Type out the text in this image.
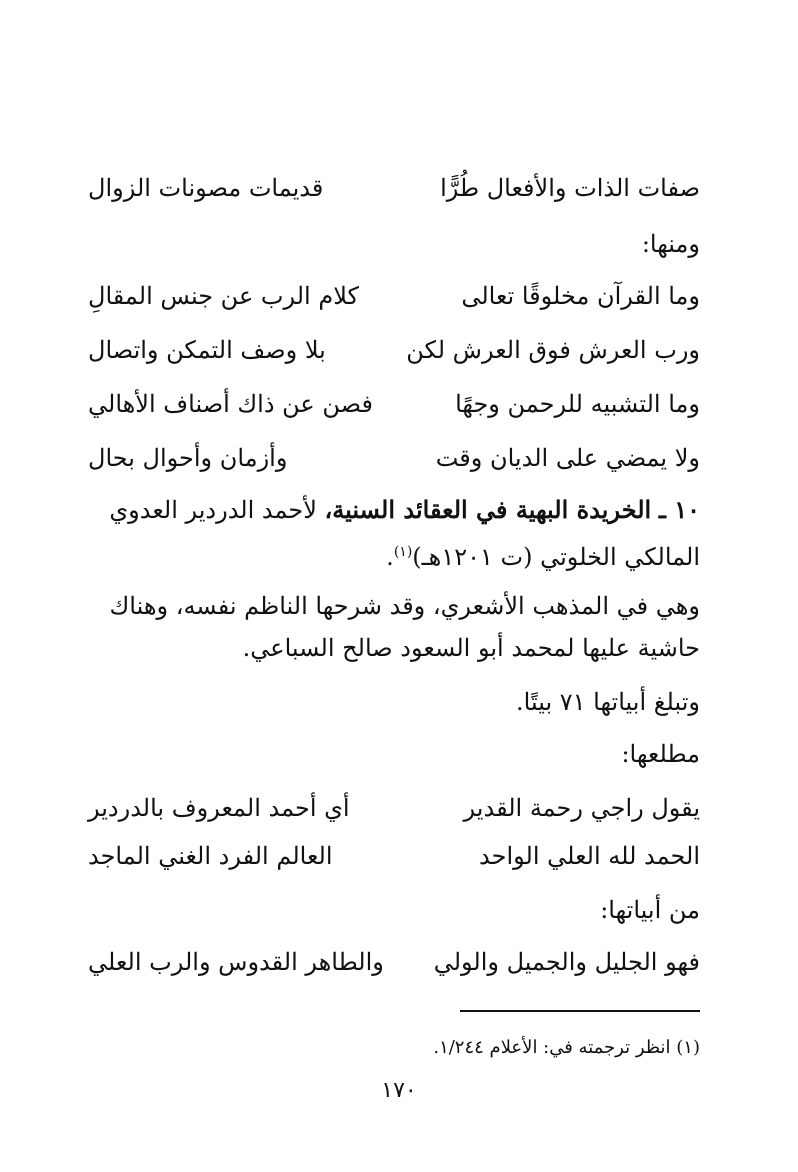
صفات الذات والأفعال طُرًّا
قديمات مصونات الزوال
ومنها:
وما القرآن مخلوقًا تعالى
كلام الرب عن جنس المقالِ
ورب العرش فوق العرش لكن
بلا وصف التمكن واتصال
وما التشبيه للرحمن وجهًا
فصن عن ذاك أصناف الأهالي
ولا يمضي على الديان وقت
وأزمان وأحوال بحال
١٠ ـ الخريدة البهية في العقائد السنية، لأحمد الدردير العدوي
المالكي الخلوتي (ت ١٢٠١هـ)$^{(١)}$.
وهي في المذهب الأشعري، وقد شرحها الناظم نفسه، وهناك
حاشية عليها لمحمد أبو السعود صالح السباعي.
وتبلغ أبياتها ٧١ بيتًا.
مطلعها:
يقول راجي رحمة القدير
أي أحمد المعروف بالدردير
الحمد لله العلي الواحد
العالم الفرد الغني الماجد
من أبياتها:
فهو الجليل والجميل والولي
والطاهر القدوس والرب العلي
(١) انظر ترجمته في: الأعلام ١/٢٤٤.
١٧٠
